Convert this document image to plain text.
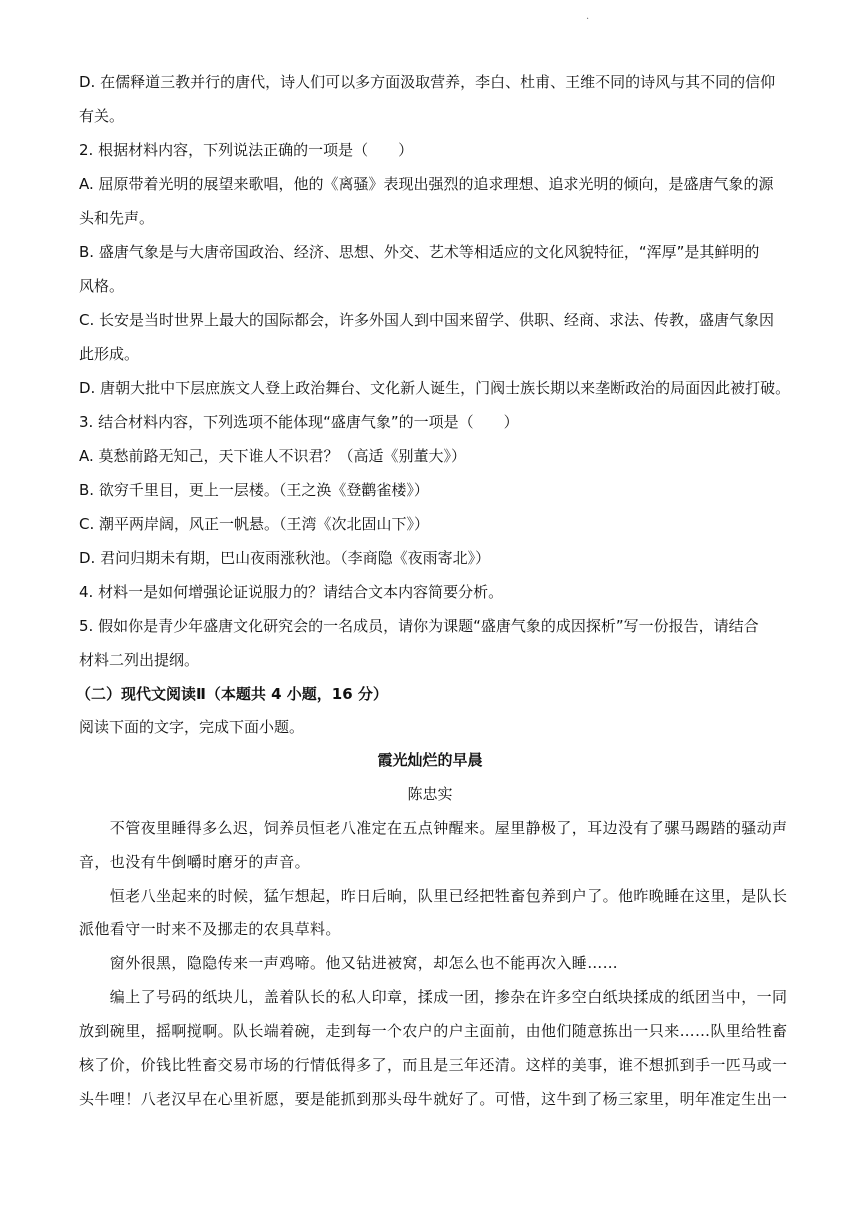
·
D. 在儒释道三教并行的唐代，诗人们可以多方面汲取营养，李白、杜甫、王维不同的诗风与其不同的信仰
有关。
2. 根据材料内容，下列说法正确的一项是（　　）
A. 屈原带着光明的展望来歌唱，他的《离骚》表现出强烈的追求理想、追求光明的倾向，是盛唐气象的源
头和先声。
B. 盛唐气象是与大唐帝国政治、经济、思想、外交、艺术等相适应的文化风貌特征，“浑厚”是其鲜明的
风格。
C. 长安是当时世界上最大的国际都会，许多外国人到中国来留学、供职、经商、求法、传教，盛唐气象因
此形成。
D. 唐朝大批中下层庶族文人登上政治舞台、文化新人诞生，门阀士族长期以来垄断政治的局面因此被打破。
3. 结合材料内容，下列选项不能体现“盛唐气象”的一项是（　　）
A. 莫愁前路无知己，天下谁人不识君？（高适《别董大》）
B. 欲穷千里目，更上一层楼。（王之涣《登鹳雀楼》）
C. 潮平两岸阔，风正一帆悬。（王湾《次北固山下》）
D. 君问归期未有期，巴山夜雨涨秋池。（李商隐《夜雨寄北》）
4. 材料一是如何增强论证说服力的？请结合文本内容简要分析。
5. 假如你是青少年盛唐文化研究会的一名成员，请你为课题“盛唐气象的成因探析”写一份报告，请结合
材料二列出提纲。
（二）现代文阅读Ⅱ（本题共 4 小题，16 分）
阅读下面的文字，完成下面小题。
霞光灿烂的早晨
陈忠实
　　不管夜里睡得多么迟，饲养员恒老八准定在五点钟醒来。屋里静极了，耳边没有了骡马踢踏的骚动声
音，也没有牛倒嚼时磨牙的声音。
　　恒老八坐起来的时候，猛乍想起，昨日后晌，队里已经把牲畜包养到户了。他昨晚睡在这里，是队长
派他看守一时来不及挪走的农具草料。
　　窗外很黑，隐隐传来一声鸡啼。他又钻进被窝，却怎么也不能再次入睡……
　　编上了号码的纸块儿，盖着队长的私人印章，揉成一团，掺杂在许多空白纸块揉成的纸团当中，一同
放到碗里，摇啊搅啊。队长端着碗，走到每一个农户的户主面前，由他们随意拣出一只来……队里给牲畜
核了价，价钱比牲畜交易市场的行情低得多了，而且是三年还清。这样的美事，谁不想抓到手一匹马或一
头牛哩！八老汉早在心里祈愿，要是能抓到那头母牛就好了。可惜，这牛到了杨三家里，明年准定生出一
